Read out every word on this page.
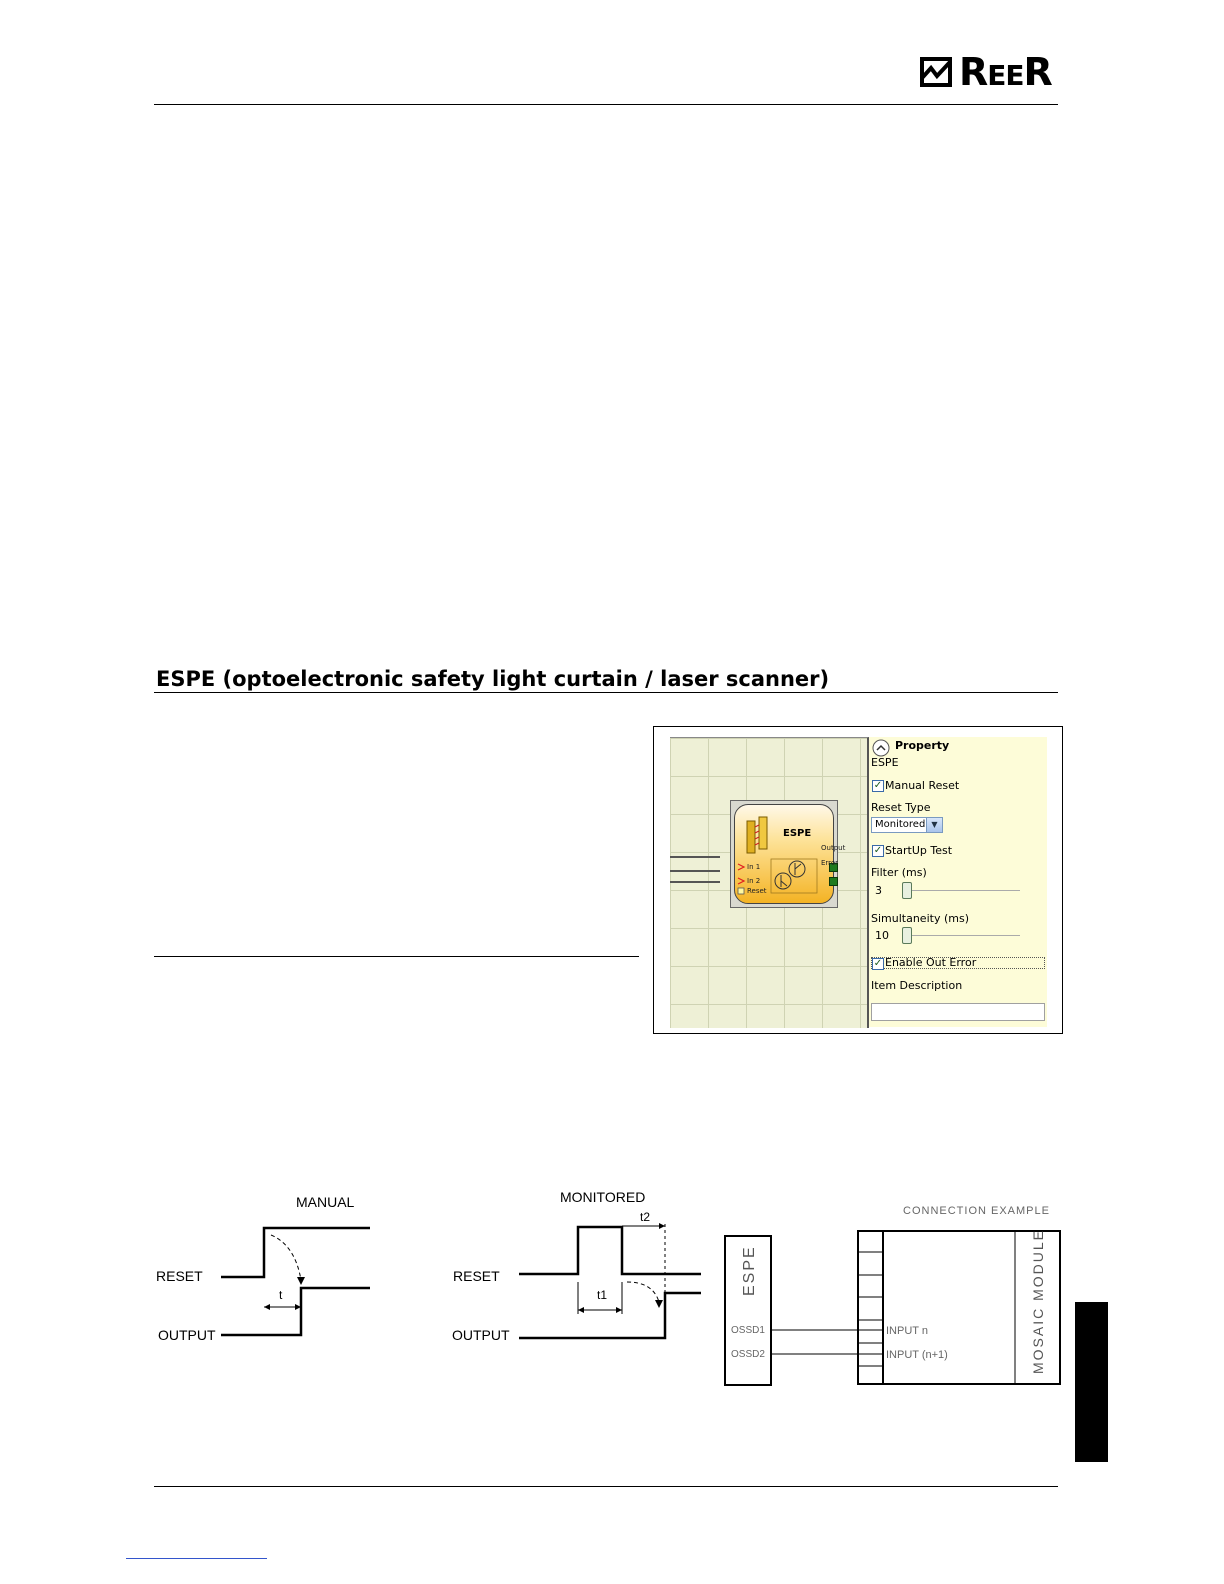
REER
ESPE (optoelectronic safety light curtain / laser scanner)
ESPE
In 1
In 2
Reset
Output
Error
Property
ESPE
✓ Manual Reset
Reset Type
Monitored ▼
✓ StartUp Test
Filter (ms)
3
Simultaneity (ms)
10
✓ Enable Out Error
Item Description
MANUAL
RESET
OUTPUT
t
MONITORED
RESET
OUTPUT
t1
t2	CONNECTION EXAMPLE
ESPE
OSSD1
OSSD2
INPUT n
INPUT (n+1)	MOSAIC MODULE
